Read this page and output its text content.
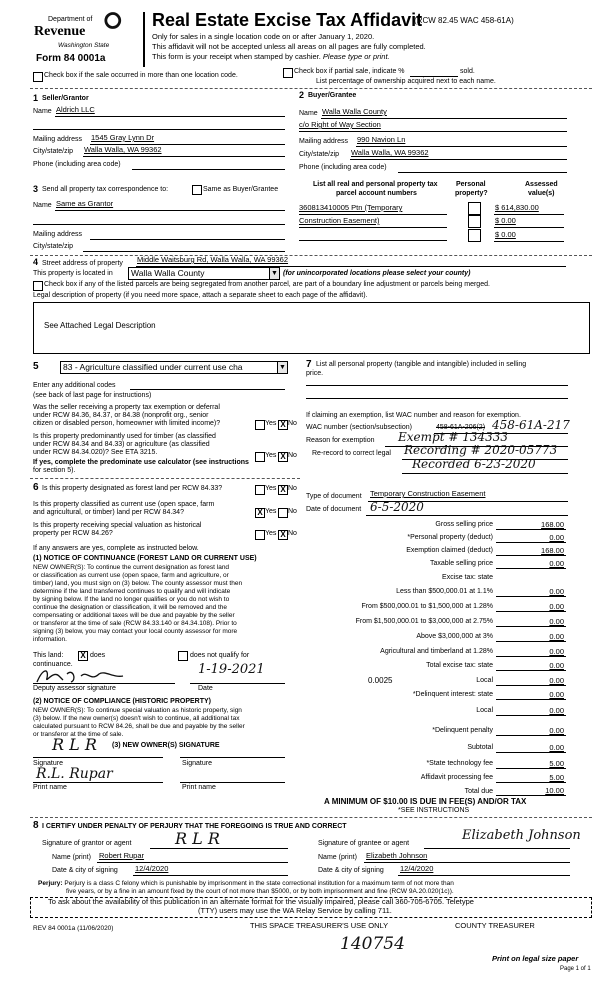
⭘
Department of
Revenue
Washington State
Form 84 0001a
Real Estate Excise Tax Affidavit
(RCW 82.45 WAC 458-61A)
Only for sales in a single location code on or after January 1, 2020.
This affidavit will not be accepted unless all areas on all pages are fully completed.
This form is your receipt when stamped by cashier. Please type or print.
Check box if the sale occurred in more than one location code.
Check box if partial sale, indicate %	sold.
List percentage of ownership acquired next to each name.
1 Seller/Grantor
Name Aldrich LLC
Mailing address 1545 Gray Lynn Dr
City/state/zip Walla Walla, WA 99362
Phone (including area code)
2 Buyer/Grantee
Name Walla Walla County
c/o Right of Way Section
Mailing address 990 Navion Ln
City/state/zip Walla Walla, WA 99362
Phone (including area code)
3 Send all property tax correspondence to:	Same as Buyer/Grantee
Name Same as Grantor
Mailing address
City/state/zip
List all real and personal property tax
parcel account numbers
Personal
property?
Assessed
value(s)
360813410005 Ptn (Temporary	$ 614,830.00
Construction Easement)	$ 0.00
$ 0.00
4 Street address of property Middle Waitsburg Rd, Walla Walla, WA 99362
This property is located in	Walla Walla County	▼ (for unincorporated locations please select your county)
Check box if any of the listed parcels are being segregated from another parcel, are part of a boundary line adjustment or parcels being merged.
Legal description of property (if you need more space, attach a separate sheet to each page of the affidavit).
See Attached Legal Description
5	83 - Agriculture classified under current use cha	▼
Enter any additional codes
(see back of last page for instructions)
Was the seller receiving a property tax exemption or deferral
under RCW 84.36, 84.37, or 84.38 (nonprofit org., senior
citizen or disabled person, homeowner with limited income)?	Yes X No
Is this property predominantly used for timber (as classified
under RCW 84.34 and 84.33) or agriculture (as classified
under RCW 84.34.020)? See ETA 3215.	Yes X No
If yes, complete the predominate use calculator (see instructions
for section 5).
6 Is this property designated as forest land per RCW 84.33?	Yes X No
Is this property classified as current use (open space, farm
and agricultural, or timber) land per RCW 84.34?	X Yes No
Is this property receiving special valuation as historical
property per RCW 84.26?	Yes X No
If any answers are yes, complete as instructed below.
(1) NOTICE OF CONTINUANCE (FOREST LAND OR CURRENT USE)
NEW OWNER(S): To continue the current designation as forest land
or classification as current use (open space, farm and agriculture, or
timber) land, you must sign on (3) below. The county assessor must then
determine if the land transferred continues to qualify and will indicate
by signing below. If the land no longer qualifies or you do not wish to
continue the designation or classification, it will be removed and the
compensating or additional taxes will be due and payable by the seller
or transferor at the time of sale (RCW 84.33.140 or 84.34.108). Prior to
signing (3) below, you may contact your local county assessor for more
information.
This land: X does	does not qualify for
continuance.	1-19-2021
Deputy assessor signature	Date
(2) NOTICE OF COMPLIANCE (HISTORIC PROPERTY)
NEW OWNER(S): To continue special valuation as historic property, sign
(3) below. If the new owner(s) doesn't wish to continue, all additional tax
calculated pursuant to RCW 84.26, shall be due and payable by the seller
or transferor at the time of sale.
R L R (3) NEW OWNER(S) SIGNATURE
Signature	Signature
R.L. Rupar
Print name	Print name
7 List all personal property (tangible and intangible) included in selling
price.
If claiming an exemption, list WAC number and reason for exemption.
WAC number (section/subsection)	458-61A-206(2) 458-61A-217
Reason for exemption Exempt # 134333
Re-record to correct legal Recording # 2020-05773
Recorded 6-23-2020
Type of document Temporary Construction Easement
Date of document 6-5-2020
Gross selling price	168.00
*Personal property (deduct)	0.00
Exemption claimed (deduct)	168.00
Taxable selling price	0.00
Excise tax: state
Less than $500,000.01 at 1.1%	0.00
From $500,000.01 to $1,500,000 at 1.28%	0.00
From $1,500,000.01 to $3,000,000 at 2.75%	0.00
Above $3,000,000 at 3%	0.00
Agricultural and timberland at 1.28%	0.00
Total excise tax: state	0.00
0.0025	Local	0.00
*Delinquent interest: state	0.00
Local	0.00
*Delinquent penalty	0.00
Subtotal	0.00
*State technology fee	5.00
Affidavit processing fee	5.00
Total due	10.00
A MINIMUM OF $10.00 IS DUE IN FEE(S) AND/OR TAX
*SEE INSTRUCTIONS
8 I CERTIFY UNDER PENALTY OF PERJURY THAT THE FOREGOING IS TRUE AND CORRECT
Signature of grantor or agent	R L R
Name (print) Robert Rupar
Date & city of signing 12/4/2020
Signature of grantee or agent
Elizabeth Johnson
Name (print) Elizabeth Johnson
Date & city of signing 12/4/2020
Perjury: Perjury is a class C felony which is punishable by imprisonment in the state correctional institution for a maximum term of not more than
five years, or by a fine in an amount fixed by the court of not more than $5000, or by both imprisonment and fine (RCW 9A.20.020(1c)).
To ask about the availability of this publication in an alternate format for the visually impaired, please call 360-705-6705. Teletype
(TTY) users may use the WA Relay Service by calling 711.
REV 84 0001a (11/06/2020)	THIS SPACE TREASURER'S USE ONLY	COUNTY TREASURER
140754
Print on legal size paper
Page 1 of 1
